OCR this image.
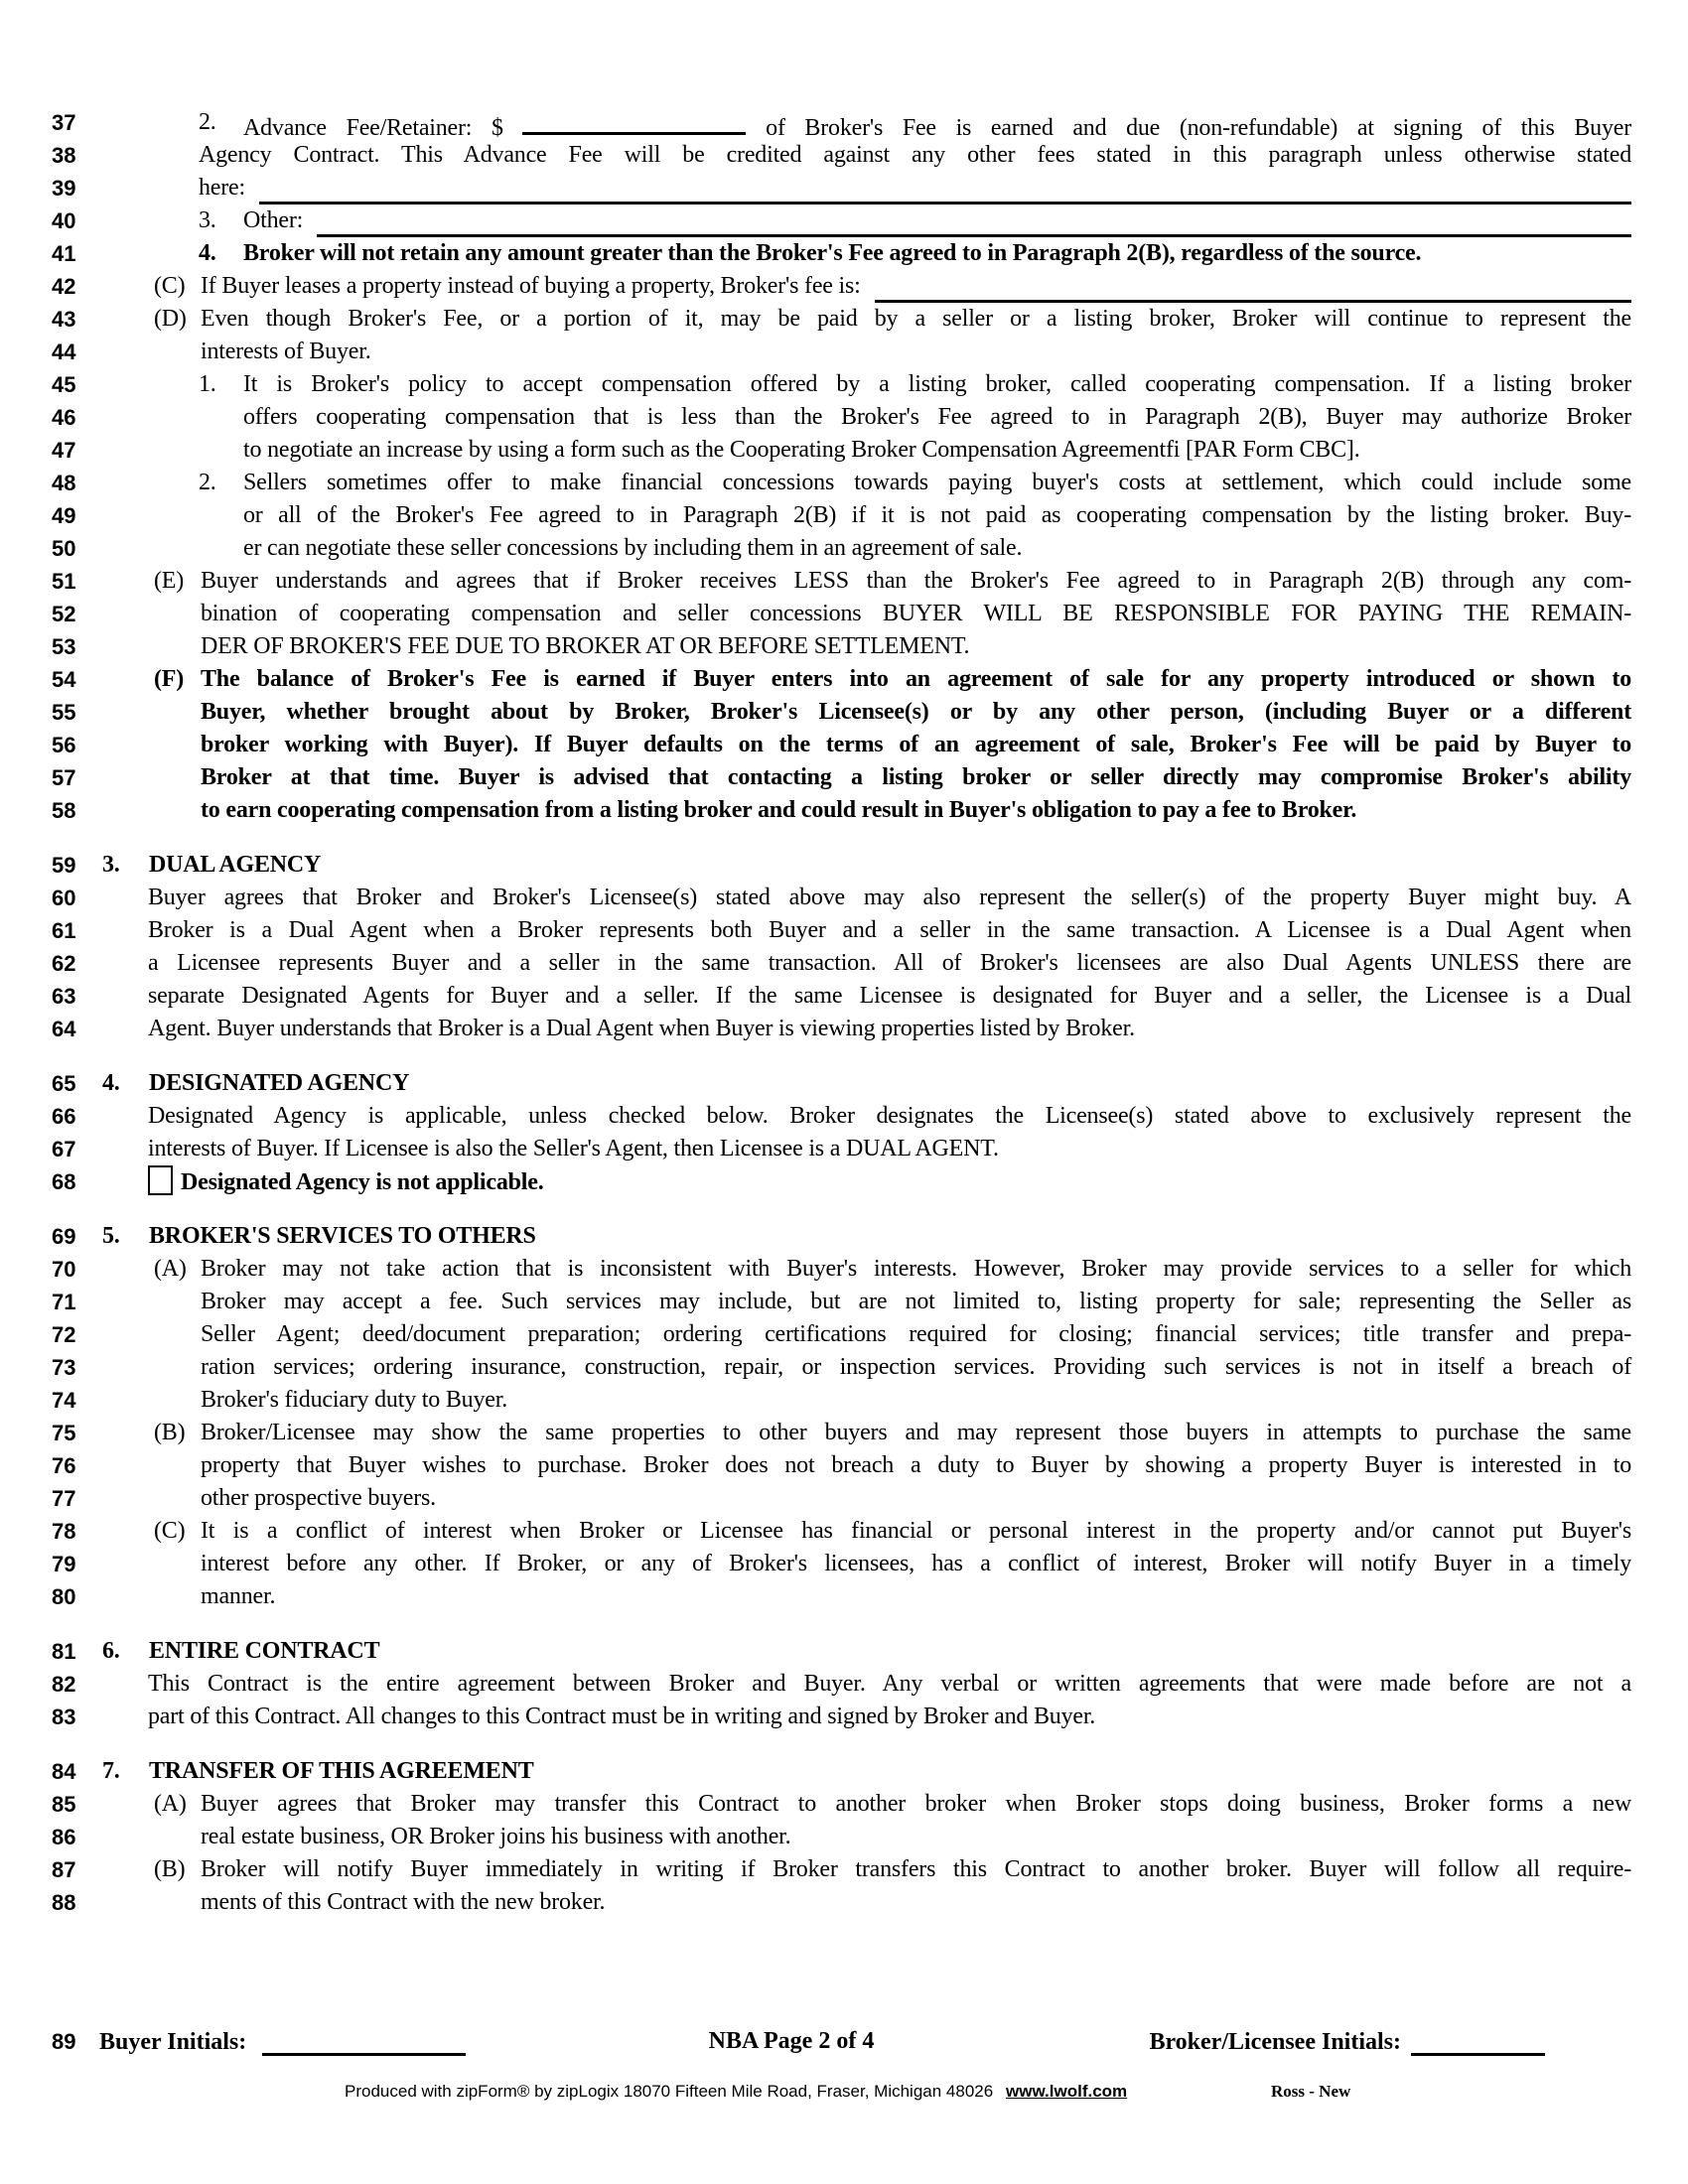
37	2. Advance Fee/Retainer: $	of Broker's Fee is earned and due (non-refundable) at signing of this Buyer
38	Agency Contract. This Advance Fee will be credited against any other fees stated in this paragraph unless otherwise stated
39	here:
40	3. Other:
41	4. Broker will not retain any amount greater than the Broker's Fee agreed to in Paragraph 2(B), regardless of the source.
42	(C) If Buyer leases a property instead of buying a property, Broker's fee is:
43	(D) Even though Broker's Fee, or a portion of it, may be paid by a seller or a listing broker, Broker will continue to represent the
44	interests of Buyer.
45	1. It is Broker's policy to accept compensation offered by a listing broker, called cooperating compensation. If a listing broker
46	offers cooperating compensation that is less than the Broker's Fee agreed to in Paragraph 2(B), Buyer may authorize Broker
47	to negotiate an increase by using a form such as the Cooperating Broker Compensation Agreementfi [PAR Form CBC].
48	2. Sellers sometimes offer to make financial concessions towards paying buyer's costs at settlement, which could include some
49	or all of the Broker's Fee agreed to in Paragraph 2(B) if it is not paid as cooperating compensation by the listing broker. Buy-
50	er can negotiate these seller concessions by including them in an agreement of sale.
51	(E) Buyer understands and agrees that if Broker receives LESS than the Broker's Fee agreed to in Paragraph 2(B) through any com-
52	bination of cooperating compensation and seller concessions BUYER WILL BE RESPONSIBLE FOR PAYING THE REMAIN-
53	DER OF BROKER'S FEE DUE TO BROKER AT OR BEFORE SETTLEMENT.
54	(F) The balance of Broker's Fee is earned if Buyer enters into an agreement of sale for any property introduced or shown to
55	Buyer, whether brought about by Broker, Broker's Licensee(s) or by any other person, (including Buyer or a different
56	broker working with Buyer). If Buyer defaults on the terms of an agreement of sale, Broker's Fee will be paid by Buyer to
57	Broker at that time. Buyer is advised that contacting a listing broker or seller directly may compromise Broker's ability
58	to earn cooperating compensation from a listing broker and could result in Buyer's obligation to pay a fee to Broker.
59	3. DUAL AGENCY
60	Buyer agrees that Broker and Broker's Licensee(s) stated above may also represent the seller(s) of the property Buyer might buy. A
61	Broker is a Dual Agent when a Broker represents both Buyer and a seller in the same transaction. A Licensee is a Dual Agent when
62	a Licensee represents Buyer and a seller in the same transaction. All of Broker's licensees are also Dual Agents UNLESS there are
63	separate Designated Agents for Buyer and a seller. If the same Licensee is designated for Buyer and a seller, the Licensee is a Dual
64	Agent. Buyer understands that Broker is a Dual Agent when Buyer is viewing properties listed by Broker.
65	4. DESIGNATED AGENCY
66	Designated Agency is applicable, unless checked below. Broker designates the Licensee(s) stated above to exclusively represent the
67	interests of Buyer. If Licensee is also the Seller's Agent, then Licensee is a DUAL AGENT.
68	Designated Agency is not applicable.
69	5. BROKER'S SERVICES TO OTHERS
70	(A) Broker may not take action that is inconsistent with Buyer's interests. However, Broker may provide services to a seller for which
71	Broker may accept a fee. Such services may include, but are not limited to, listing property for sale; representing the Seller as
72	Seller Agent; deed/document preparation; ordering certifications required for closing; financial services; title transfer and prepa-
73	ration services; ordering insurance, construction, repair, or inspection services. Providing such services is not in itself a breach of
74	Broker's fiduciary duty to Buyer.
75	(B) Broker/Licensee may show the same properties to other buyers and may represent those buyers in attempts to purchase the same
76	property that Buyer wishes to purchase. Broker does not breach a duty to Buyer by showing a property Buyer is interested in to
77	other prospective buyers.
78	(C) It is a conflict of interest when Broker or Licensee has financial or personal interest in the property and/or cannot put Buyer's
79	interest before any other. If Broker, or any of Broker's licensees, has a conflict of interest, Broker will notify Buyer in a timely
80	manner.
81	6. ENTIRE CONTRACT
82	This Contract is the entire agreement between Broker and Buyer. Any verbal or written agreements that were made before are not a
83	part of this Contract. All changes to this Contract must be in writing and signed by Broker and Buyer.
84	7. TRANSFER OF THIS AGREEMENT
85	(A) Buyer agrees that Broker may transfer this Contract to another broker when Broker stops doing business, Broker forms a new
86	real estate business, OR Broker joins his business with another.
87	(B) Broker will notify Buyer immediately in writing if Broker transfers this Contract to another broker. Buyer will follow all require-
88	ments of this Contract with the new broker.
89 Buyer Initials:	NBA Page 2 of 4	Broker/Licensee Initials:
Produced with zipForm® by zipLogix 18070 Fifteen Mile Road, Fraser, Michigan 48026 www.lwolf.com	Ross - New
